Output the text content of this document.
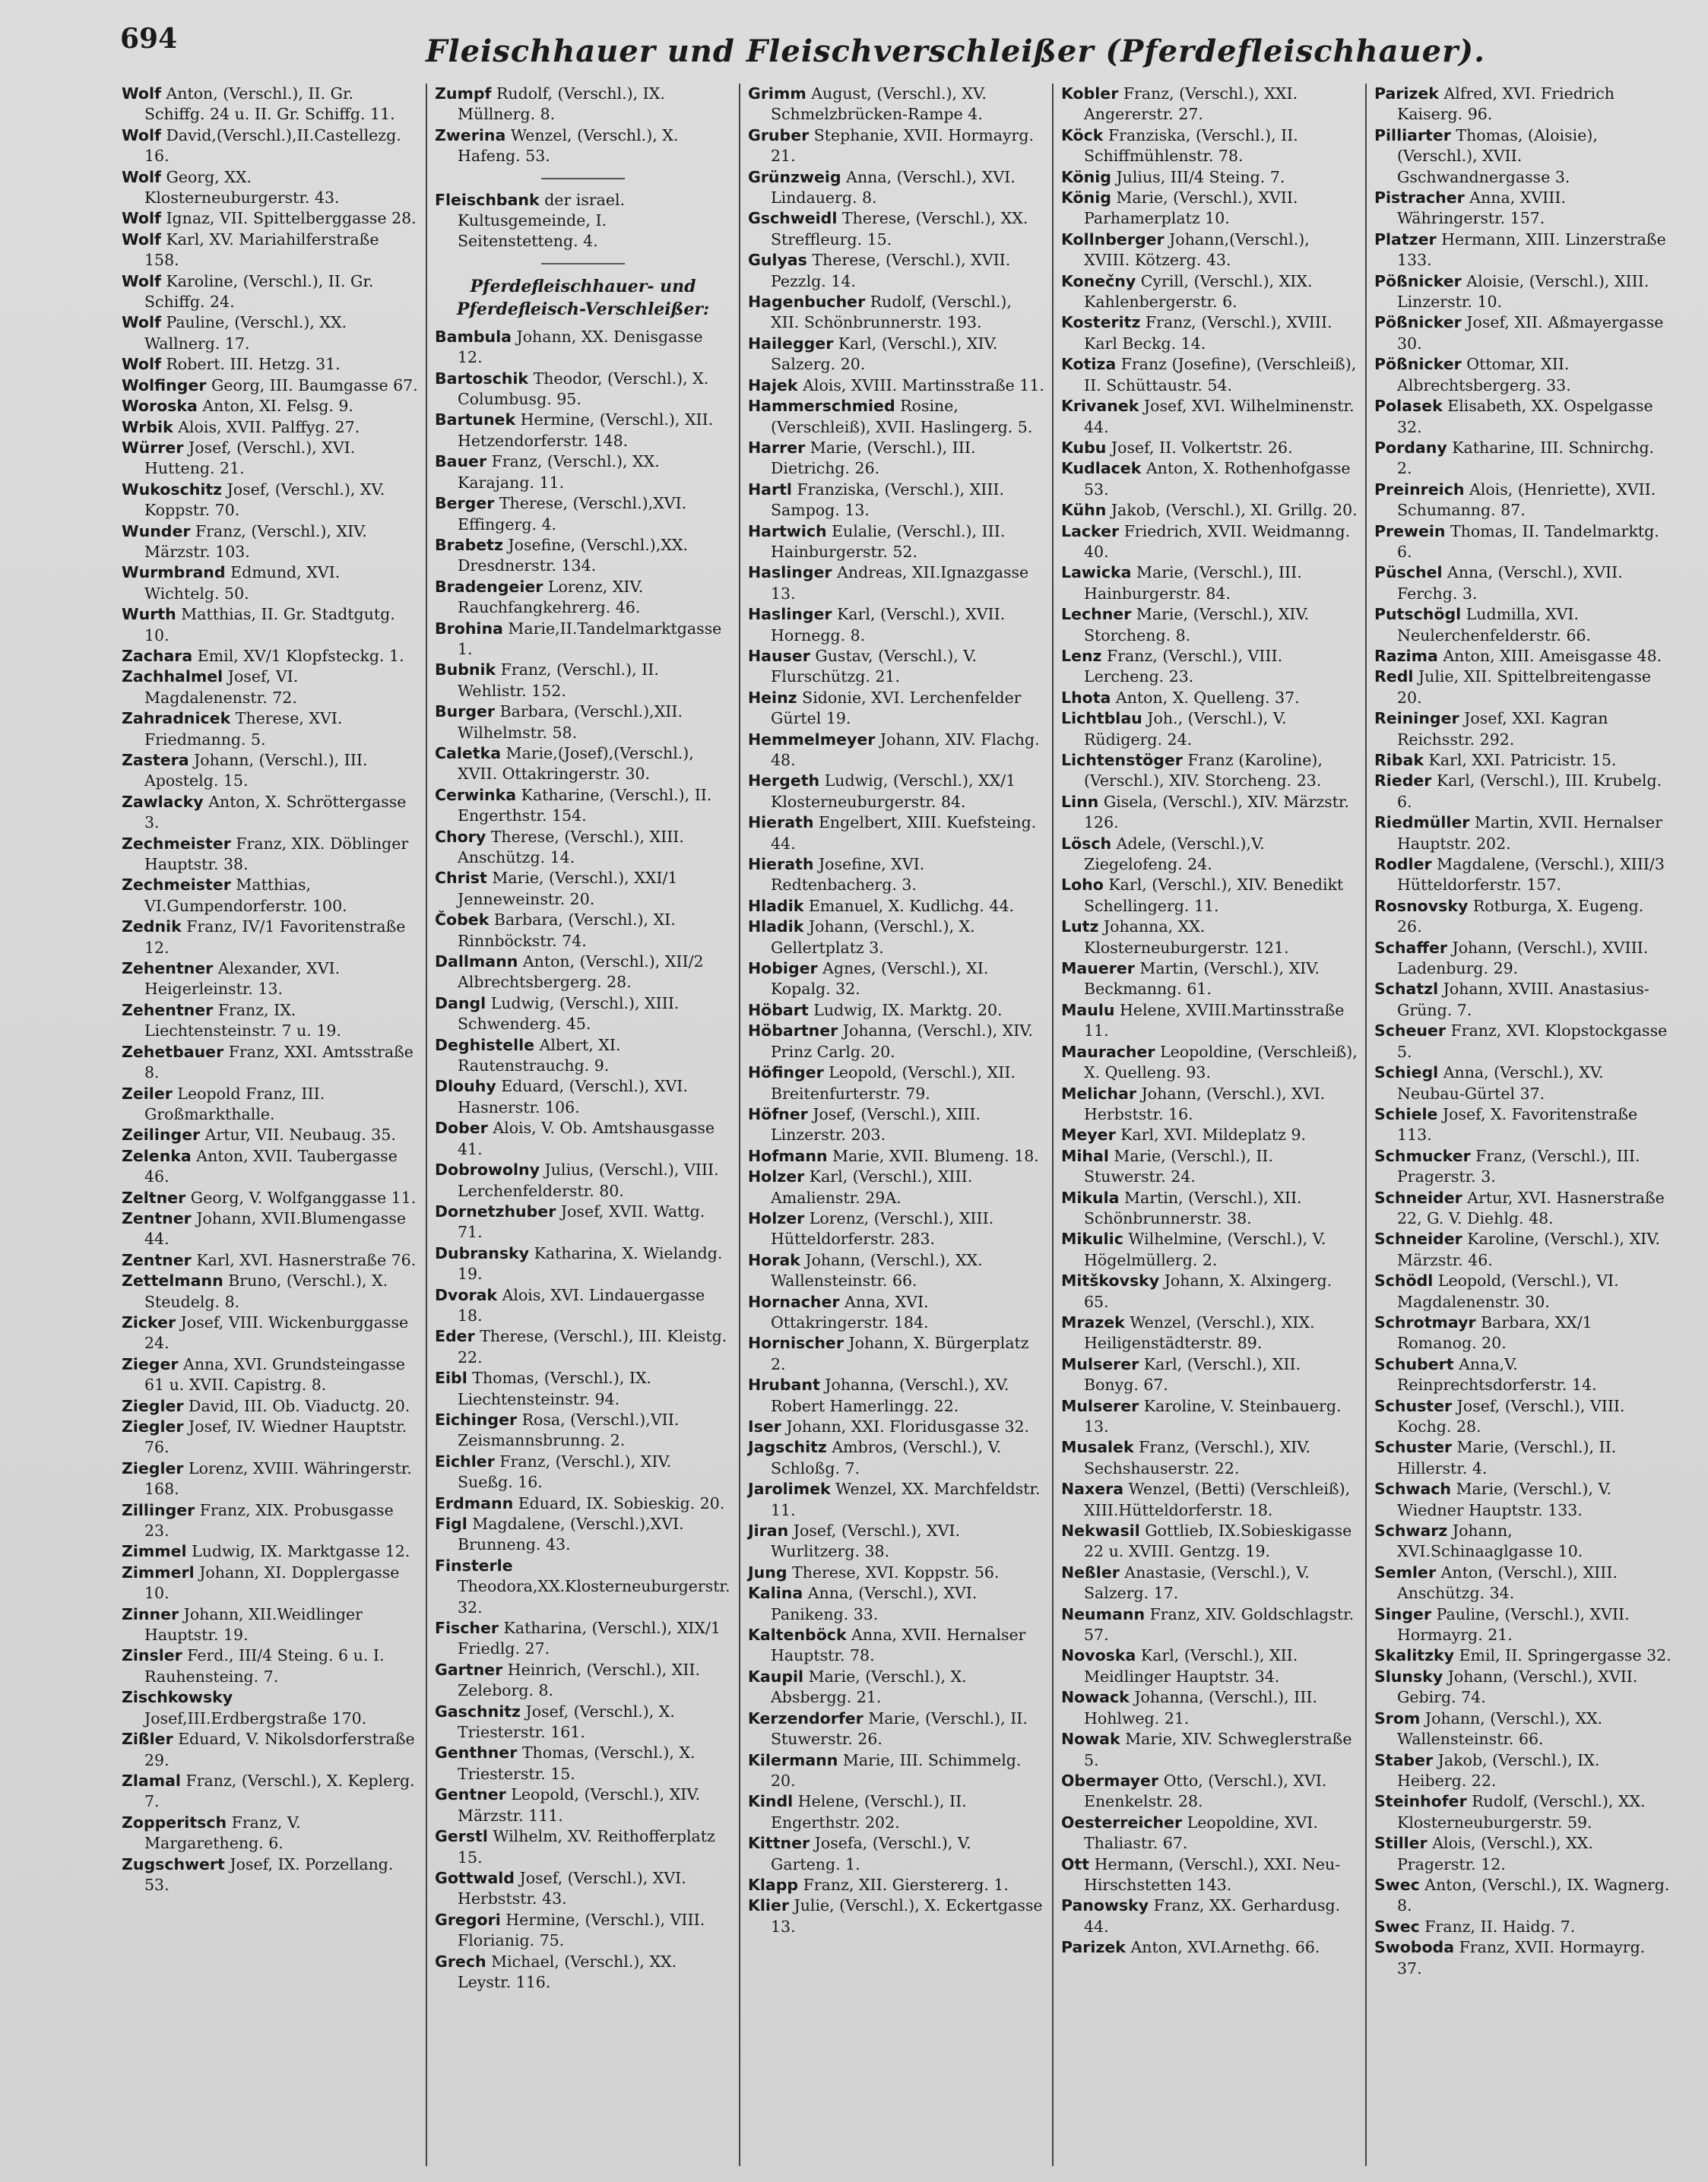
694	Fleischhauer und Fleischverschleißer (Pferdefleischhauer).
Wolf Anton, (Verschl.), II. Gr. Schiffg. 24 u. II. Gr. Schiffg. 11.
Wolf David,(Verschl.),II.Castellezg. 16.
Wolf Georg, XX. Klosterneuburgerstr. 43.
Wolf Ignaz, VII. Spittelberggasse 28.
Wolf Karl, XV. Mariahilferstraße 158.
Wolf Karoline, (Verschl.), II. Gr. Schiffg. 24.
Wolf Pauline, (Verschl.), XX. Wallnerg. 17.
Wolf Robert. III. Hetzg. 31.
Wolfinger Georg, III. Baumgasse 67.
Woroska Anton, XI. Felsg. 9.
Wrbik Alois, XVII. Palffyg. 27.
Würrer Josef, (Verschl.), XVI. Hutteng. 21.
Wukoschitz Josef, (Verschl.), XV. Koppstr. 70.
Wunder Franz, (Verschl.), XIV. Märzstr. 103.
Wurmbrand Edmund, XVI. Wichtelg. 50.
Wurth Matthias, II. Gr. Stadtgutg. 10.
Zachara Emil, XV/1 Klopfsteckg. 1.
Zachhalmel Josef, VI. Magdalenenstr. 72.
Zahradnicek Therese, XVI. Friedmanng. 5.
Zastera Johann, (Verschl.), III. Apostelg. 15.
Zawlacky Anton, X. Schröttergasse 3.
Zechmeister Franz, XIX. Döblinger Hauptstr. 38.
Zechmeister Matthias, VI.Gumpendorferstr. 100.
Zednik Franz, IV/1 Favoritenstraße 12.
Zehentner Alexander, XVI. Heigerleinstr. 13.
Zehentner Franz, IX. Liechtensteinstr. 7 u. 19.
Zehetbauer Franz, XXI. Amtsstraße 8.
Zeiler Leopold Franz, III. Großmarkthalle.
Zeilinger Artur, VII. Neubaug. 35.
Zelenka Anton, XVII. Taubergasse 46.
Zeltner Georg, V. Wolfganggasse 11.
Zentner Johann, XVII.Blumengasse 44.
Zentner Karl, XVI. Hasnerstraße 76.
Zettelmann Bruno, (Verschl.), X. Steudelg. 8.
Zicker Josef, VIII. Wickenburggasse 24.
Zieger Anna, XVI. Grundsteingasse 61 u. XVII. Capistrg. 8.
Ziegler David, III. Ob. Viaductg. 20.
Ziegler Josef, IV. Wiedner Hauptstr. 76.
Ziegler Lorenz, XVIII. Währingerstr. 168.
Zillinger Franz, XIX. Probusgasse 23.
Zimmel Ludwig, IX. Marktgasse 12.
Zimmerl Johann, XI. Dopplergasse 10.
Zinner Johann, XII.Weidlinger Hauptstr. 19.
Zinsler Ferd., III/4 Steing. 6 u. I. Rauhensteing. 7.
Zischkowsky Josef,III.Erdbergstraße 170.
Zißler Eduard, V. Nikolsdorferstraße 29.
Zlamal Franz, (Verschl.), X. Keplerg. 7.
Zopperitsch Franz, V. Margaretheng. 6.
Zugschwert Josef, IX. Porzellang. 53.
Zumpf Rudolf, (Verschl.), IX. Müllnerg. 8.
Zwerina Wenzel, (Verschl.), X. Hafeng. 53.
Fleischbank der israel. Kultusgemeinde, I. Seitenstetteng. 4.
Pferdefleischhauer- und Pferdefleisch-Verschleißer:
Bambula Johann, XX. Denisgasse 12.
Bartoschik Theodor, (Verschl.), X. Columbusg. 95.
Bartunek Hermine, (Verschl.), XII. Hetzendorferstr. 148.
Bauer Franz, (Verschl.), XX. Karajang. 11.
Berger Therese, (Verschl.),XVI. Effingerg. 4.
Brabetz Josefine, (Verschl.),XX. Dresdnerstr. 134.
Bradengeier Lorenz, XIV. Rauchfangkehrerg. 46.
Brohina Marie,II.Tandelmarktgasse 1.
Bubnik Franz, (Verschl.), II. Wehlistr. 152.
Burger Barbara, (Verschl.),XII. Wilhelmstr. 58.
Caletka Marie,(Josef),(Verschl.), XVII. Ottakringerstr. 30.
Cerwinka Katharine, (Verschl.), II. Engerthstr. 154.
Chory Therese, (Verschl.), XIII. Anschützg. 14.
Christ Marie, (Verschl.), XXI/1 Jenneweinstr. 20.
Čobek Barbara, (Verschl.), XI. Rinnböckstr. 74.
Dallmann Anton, (Verschl.), XII/2 Albrechtsbergerg. 28.
Dangl Ludwig, (Verschl.), XIII. Schwenderg. 45.
Deghistelle Albert, XI. Rautenstrauchg. 9.
Dlouhy Eduard, (Verschl.), XVI. Hasnerstr. 106.
Dober Alois, V. Ob. Amtshausgasse 41.
Dobrowolny Julius, (Verschl.), VIII. Lerchenfelderstr. 80.
Dornetzhuber Josef, XVII. Wattg. 71.
Dubransky Katharina, X. Wielandg. 19.
Dvorak Alois, XVI. Lindauergasse 18.
Eder Therese, (Verschl.), III. Kleistg. 22.
Eibl Thomas, (Verschl.), IX. Liechtensteinstr. 94.
Eichinger Rosa, (Verschl.),VII. Zeismannsbrunng. 2.
Eichler Franz, (Verschl.), XIV. Sueßg. 16.
Erdmann Eduard, IX. Sobieskig. 20.
Figl Magdalene, (Verschl.),XVI. Brunneng. 43.
Finsterle Theodora,XX.Klosterneuburgerstr. 32.
Fischer Katharina, (Verschl.), XIX/1 Friedlg. 27.
Gartner Heinrich, (Verschl.), XII. Zeleborg. 8.
Gaschnitz Josef, (Verschl.), X. Triesterstr. 161.
Genthner Thomas, (Verschl.), X. Triesterstr. 15.
Gentner Leopold, (Verschl.), XIV. Märzstr. 111.
Gerstl Wilhelm, XV. Reithofferplatz 15.
Gottwald Josef, (Verschl.), XVI. Herbststr. 43.
Gregori Hermine, (Verschl.), VIII. Florianig. 75.
Grech Michael, (Verschl.), XX. Leystr. 116.
Grimm August, (Verschl.), XV. Schmelzbrücken-Rampe 4.
Gruber Stephanie, XVII. Hormayrg. 21.
Grünzweig Anna, (Verschl.), XVI. Lindauerg. 8.
Gschweidl Therese, (Verschl.), XX. Streffleurg. 15.
Gulyas Therese, (Verschl.), XVII. Pezzlg. 14.
Hagenbucher Rudolf, (Verschl.), XII. Schönbrunnerstr. 193.
Hailegger Karl, (Verschl.), XIV. Salzerg. 20.
Hajek Alois, XVIII. Martinsstraße 11.
Hammerschmied Rosine, (Verschleiß), XVII. Haslingerg. 5.
Harrer Marie, (Verschl.), III. Dietrichg. 26.
Hartl Franziska, (Verschl.), XIII. Sampog. 13.
Hartwich Eulalie, (Verschl.), III. Hainburgerstr. 52.
Haslinger Andreas, XII.Ignazgasse 13.
Haslinger Karl, (Verschl.), XVII. Hornegg. 8.
Hauser Gustav, (Verschl.), V. Flurschützg. 21.
Heinz Sidonie, XVI. Lerchenfelder Gürtel 19.
Hemmelmeyer Johann, XIV. Flachg. 48.
Hergeth Ludwig, (Verschl.), XX/1 Klosterneuburgerstr. 84.
Hierath Engelbert, XIII. Kuefsteing. 44.
Hierath Josefine, XVI. Redtenbacherg. 3.
Hladik Emanuel, X. Kudlichg. 44.
Hladik Johann, (Verschl.), X. Gellertplatz 3.
Hobiger Agnes, (Verschl.), XI. Kopalg. 32.
Höbart Ludwig, IX. Marktg. 20.
Höbartner Johanna, (Verschl.), XIV. Prinz Carlg. 20.
Höfinger Leopold, (Verschl.), XII. Breitenfurterstr. 79.
Höfner Josef, (Verschl.), XIII. Linzerstr. 203.
Hofmann Marie, XVII. Blumeng. 18.
Holzer Karl, (Verschl.), XIII. Amalienstr. 29A.
Holzer Lorenz, (Verschl.), XIII. Hütteldorferstr. 283.
Horak Johann, (Verschl.), XX. Wallensteinstr. 66.
Hornacher Anna, XVI. Ottakringerstr. 184.
Hornischer Johann, X. Bürgerplatz 2.
Hrubant Johanna, (Verschl.), XV. Robert Hamerlingg. 22.
Iser Johann, XXI. Floridusgasse 32.
Jagschitz Ambros, (Verschl.), V. Schloßg. 7.
Jarolimek Wenzel, XX. Marchfeldstr. 11.
Jiran Josef, (Verschl.), XVI. Wurlitzerg. 38.
Jung Therese, XVI. Koppstr. 56.
Kalina Anna, (Verschl.), XVI. Panikeng. 33.
Kaltenböck Anna, XVII. Hernalser Hauptstr. 78.
Kaupil Marie, (Verschl.), X. Absbergg. 21.
Kerzendorfer Marie, (Verschl.), II. Stuwerstr. 26.
Kilermann Marie, III. Schimmelg. 20.
Kindl Helene, (Verschl.), II. Engerthstr. 202.
Kittner Josefa, (Verschl.), V. Garteng. 1.
Klapp Franz, XII. Gierstererg. 1.
Klier Julie, (Verschl.), X. Eckertgasse 13.
Kobler Franz, (Verschl.), XXI. Angererstr. 27.
Köck Franziska, (Verschl.), II. Schiffmühlenstr. 78.
König Julius, III/4 Steing. 7.
König Marie, (Verschl.), XVII. Parhamerplatz 10.
Kollnberger Johann,(Verschl.), XVIII. Kötzerg. 43.
Konečny Cyrill, (Verschl.), XIX. Kahlenbergerstr. 6.
Kosteritz Franz, (Verschl.), XVIII. Karl Beckg. 14.
Kotiza Franz (Josefine), (Verschleiß), II. Schüttaustr. 54.
Krivanek Josef, XVI. Wilhelminenstr. 44.
Kubu Josef, II. Volkertstr. 26.
Kudlacek Anton, X. Rothenhofgasse 53.
Kühn Jakob, (Verschl.), XI. Grillg. 20.
Lacker Friedrich, XVII. Weidmanng. 40.
Lawicka Marie, (Verschl.), III. Hainburgerstr. 84.
Lechner Marie, (Verschl.), XIV. Storcheng. 8.
Lenz Franz, (Verschl.), VIII. Lercheng. 23.
Lhota Anton, X. Quelleng. 37.
Lichtblau Joh., (Verschl.), V. Rüdigerg. 24.
Lichtenstöger Franz (Karoline), (Verschl.), XIV. Storcheng. 23.
Linn Gisela, (Verschl.), XIV. Märzstr. 126.
Lösch Adele, (Verschl.),V. Ziegelofeng. 24.
Loho Karl, (Verschl.), XIV. Benedikt Schellingerg. 11.
Lutz Johanna, XX. Klosterneuburgerstr. 121.
Mauerer Martin, (Verschl.), XIV. Beckmanng. 61.
Maulu Helene, XVIII.Martinsstraße 11.
Mauracher Leopoldine, (Verschleiß), X. Quelleng. 93.
Melichar Johann, (Verschl.), XVI. Herbststr. 16.
Meyer Karl, XVI. Mildeplatz 9.
Mihal Marie, (Verschl.), II. Stuwerstr. 24.
Mikula Martin, (Verschl.), XII. Schönbrunnerstr. 38.
Mikulic Wilhelmine, (Verschl.), V. Högelmüllerg. 2.
Mitškovsky Johann, X. Alxingerg. 65.
Mrazek Wenzel, (Verschl.), XIX. Heiligenstädterstr. 89.
Mulserer Karl, (Verschl.), XII. Bonyg. 67.
Mulserer Karoline, V. Steinbauerg. 13.
Musalek Franz, (Verschl.), XIV. Sechshauserstr. 22.
Naxera Wenzel, (Betti) (Verschleiß), XIII.Hütteldorferstr. 18.
Nekwasil Gottlieb, IX.Sobieskigasse 22 u. XVIII. Gentzg. 19.
Neßler Anastasie, (Verschl.), V. Salzerg. 17.
Neumann Franz, XIV. Goldschlagstr. 57.
Novoska Karl, (Verschl.), XII. Meidlinger Hauptstr. 34.
Nowack Johanna, (Verschl.), III. Hohlweg. 21.
Nowak Marie, XIV. Schweglerstraße 5.
Obermayer Otto, (Verschl.), XVI. Enenkelstr. 28.
Oesterreicher Leopoldine, XVI. Thaliastr. 67.
Ott Hermann, (Verschl.), XXI. Neu-Hirschstetten 143.
Panowsky Franz, XX. Gerhardusg. 44.
Parizek Anton, XVI.Arnethg. 66.
Parizek Alfred, XVI. Friedrich Kaiserg. 96.
Pilliarter Thomas, (Aloisie), (Verschl.), XVII. Gschwandnergasse 3.
Pistracher Anna, XVIII. Währingerstr. 157.
Platzer Hermann, XIII. Linzerstraße 133.
Pößnicker Aloisie, (Verschl.), XIII. Linzerstr. 10.
Pößnicker Josef, XII. Aßmayergasse 30.
Pößnicker Ottomar, XII. Albrechtsbergerg. 33.
Polasek Elisabeth, XX. Ospelgasse 32.
Pordany Katharine, III. Schnirchg. 2.
Preinreich Alois, (Henriette), XVII. Schumanng. 87.
Prewein Thomas, II. Tandelmarktg. 6.
Püschel Anna, (Verschl.), XVII. Ferchg. 3.
Putschögl Ludmilla, XVI. Neulerchenfelderstr. 66.
Razima Anton, XIII. Ameisgasse 48.
Redl Julie, XII. Spittelbreitengasse 20.
Reininger Josef, XXI. Kagran Reichsstr. 292.
Ribak Karl, XXI. Patricistr. 15.
Rieder Karl, (Verschl.), III. Krubelg. 6.
Riedmüller Martin, XVII. Hernalser Hauptstr. 202.
Rodler Magdalene, (Verschl.), XIII/3 Hütteldorferstr. 157.
Rosnovsky Rotburga, X. Eugeng. 26.
Schaffer Johann, (Verschl.), XVIII. Ladenburg. 29.
Schatzl Johann, XVIII. Anastasius-Grüng. 7.
Scheuer Franz, XVI. Klopstockgasse 5.
Schiegl Anna, (Verschl.), XV. Neubau-Gürtel 37.
Schiele Josef, X. Favoritenstraße 113.
Schmucker Franz, (Verschl.), III. Pragerstr. 3.
Schneider Artur, XVI. Hasnerstraße 22, G. V. Diehlg. 48.
Schneider Karoline, (Verschl.), XIV. Märzstr. 46.
Schödl Leopold, (Verschl.), VI. Magdalenenstr. 30.
Schrotmayr Barbara, XX/1 Romanog. 20.
Schubert Anna,V. Reinprechtsdorferstr. 14.
Schuster Josef, (Verschl.), VIII. Kochg. 28.
Schuster Marie, (Verschl.), II. Hillerstr. 4.
Schwach Marie, (Verschl.), V. Wiedner Hauptstr. 133.
Schwarz Johann, XVI.Schinaaglgasse 10.
Semler Anton, (Verschl.), XIII. Anschützg. 34.
Singer Pauline, (Verschl.), XVII. Hormayrg. 21.
Skalitzky Emil, II. Springergasse 32.
Slunsky Johann, (Verschl.), XVII. Gebirg. 74.
Srom Johann, (Verschl.), XX. Wallensteinstr. 66.
Staber Jakob, (Verschl.), IX. Heiberg. 22.
Steinhofer Rudolf, (Verschl.), XX. Klosterneuburgerstr. 59.
Stiller Alois, (Verschl.), XX. Pragerstr. 12.
Swec Anton, (Verschl.), IX. Wagnerg. 8.
Swec Franz, II. Haidg. 7.
Swoboda Franz, XVII. Hormayrg. 37.
